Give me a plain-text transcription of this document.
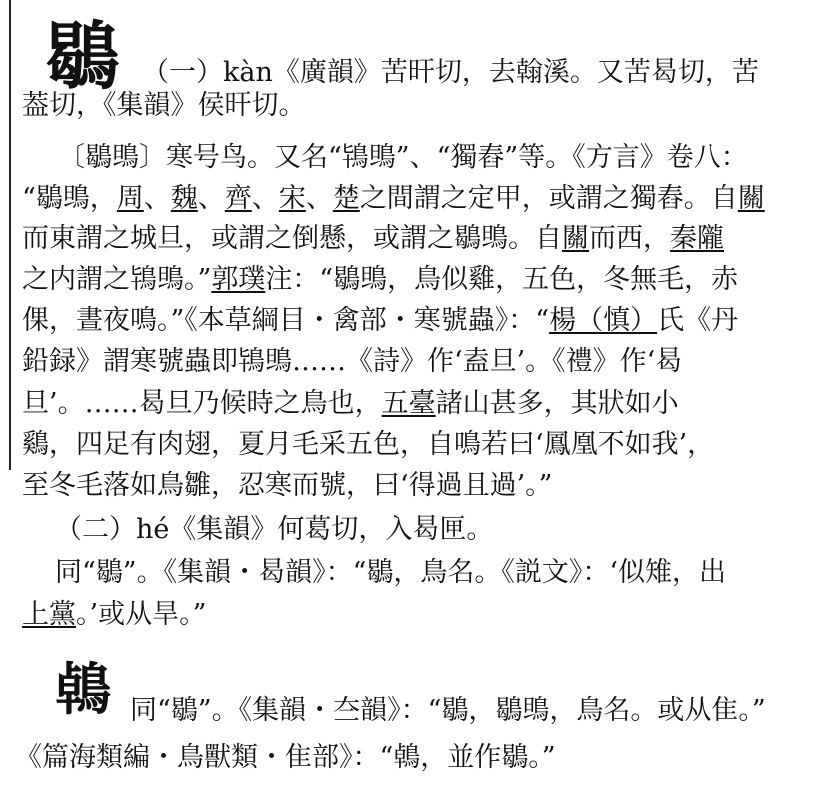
鶡 （一）kàn《廣韻》苦旰切，去翰溪。又苦曷切，苦
葢切，《集韻》侯旰切。
〔鶡鴠〕寒号鸟。又名“鴇鴠”、“獨舂”等。《方言》卷八：
“鶡鴠，周、魏、齊、宋、楚之間謂之定甲，或謂之獨舂。自關
而東謂之城旦，或謂之倒懸，或謂之鶡鴠。自關而西，秦隴
之内謂之鴇鴠。”郭璞注：“鶡鴠，鳥似雞，五色，冬無毛，赤
倮，晝夜鳴。”《本草綱目・禽部・寒號蟲》：“楊（慎）氏《丹
鉛録》謂寒號蟲即鴇鴠……《詩》作‘盍旦’。《禮》作‘曷
旦’。……曷旦乃候時之鳥也，五臺諸山甚多，其狀如小
鷄，四足有肉翅，夏月毛采五色，自鳴若曰‘鳳凰不如我’，
至冬毛落如鳥雛，忍寒而號，曰‘得過且過’。”
（二）hé《集韻》何葛切，入曷匣。
同“鶡”。《集韻・曷韻》：“鶡，鳥名。《説文》：‘似雉，出
上黨。’或从旱。”
鵫 同“鶡”。《集韻・夳韻》：“鶡，鶡鴠，鳥名。或从隹。”
《篇海類編・鳥獸類・隹部》：“鵫，並作鶡。”
